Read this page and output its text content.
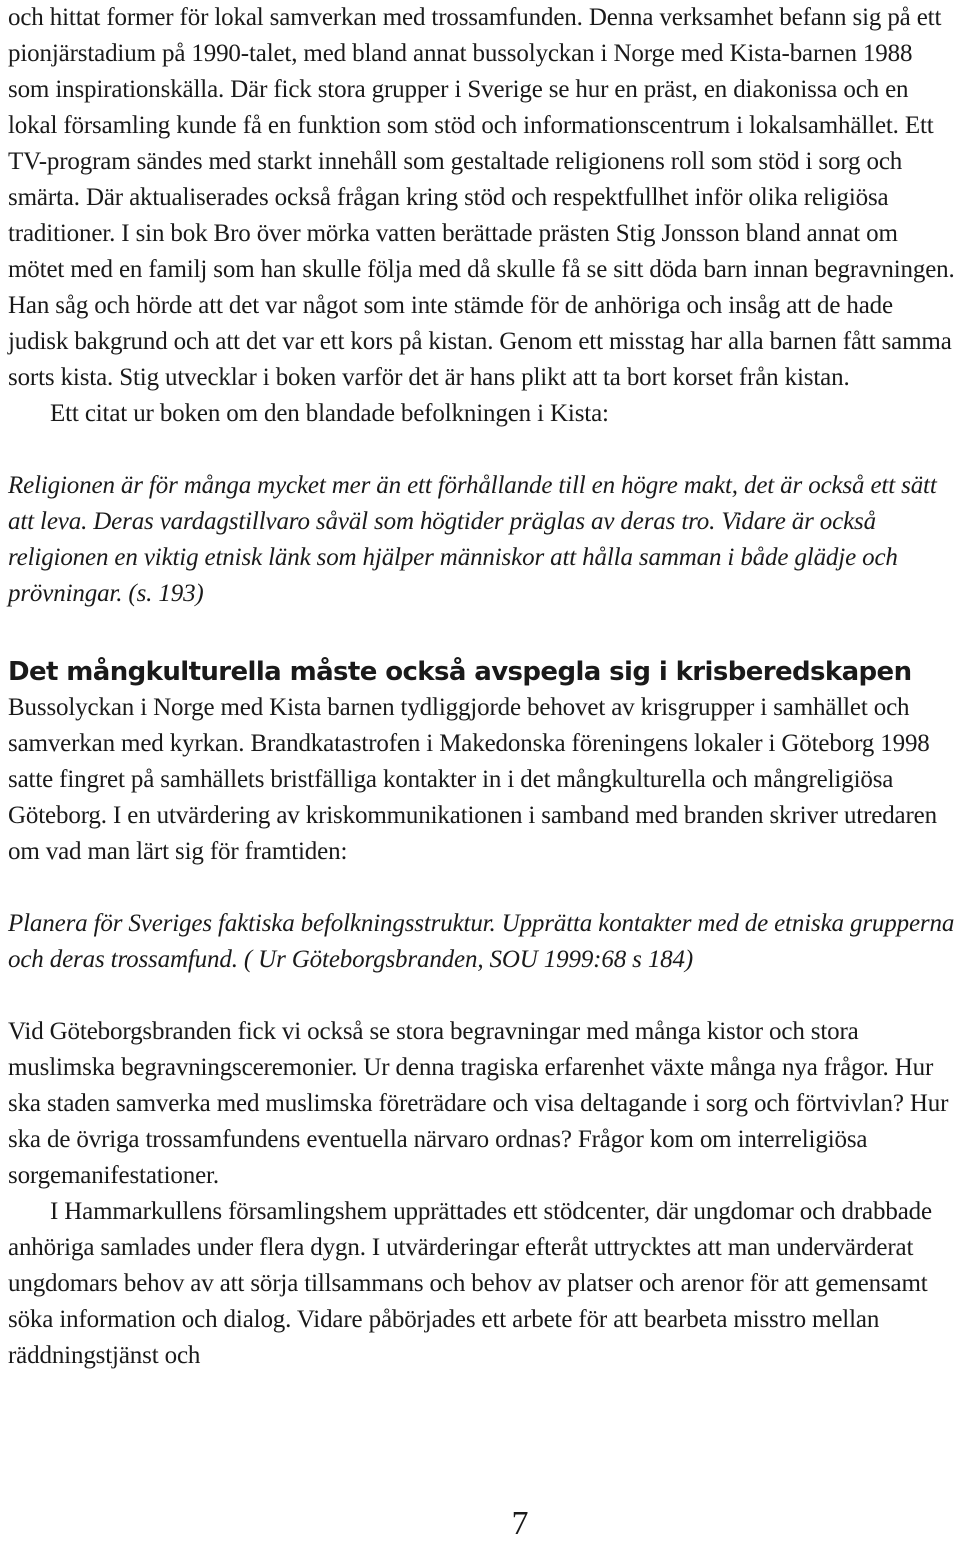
och hittat former för lokal samverkan med trossamfunden. Denna verksamhet befann sig på ett pionjärstadium på 1990-talet, med bland annat bussolyckan i Norge med Kista-barnen 1988 som inspirationskälla. Där fick stora grupper i Sverige se hur en präst, en diakonissa och en lokal församling kunde få en funktion som stöd och informationscentrum i lokalsamhället. Ett TV-program sändes med starkt innehåll som gestaltade religionens roll som stöd i sorg och smärta. Där aktualiserades också frågan kring stöd och respektfullhet inför olika religiösa traditioner. I sin bok Bro över mörka vatten berättade prästen Stig Jonsson bland annat om mötet med en familj som han skulle följa med då skulle få se sitt döda barn innan begravningen. Han såg och hörde att det var något som inte stämde för de anhöriga och insåg att de hade judisk bakgrund och att det var ett kors på kistan. Genom ett misstag har alla barnen fått samma sorts kista. Stig utvecklar i boken varför det är hans plikt att ta bort korset från kistan.

Ett citat ur boken om den blandade befolkningen i Kista:

Religionen är för många mycket mer än ett förhållande till en högre makt, det är också ett sätt att leva. Deras vardagstillvaro såväl som högtider präglas av deras tro. Vidare är också religionen en viktig etnisk länk som hjälper människor att hålla samman i både glädje och prövningar. (s. 193)

Det mångkulturella måste också avspegla sig i krisberedskapen

Bussolyckan i Norge med Kista barnen tydliggjorde behovet av krisgrupper i samhället och samverkan med kyrkan. Brandkatastrofen i Makedonska föreningens lokaler i Göteborg 1998 satte fingret på samhällets bristfälliga kontakter in i det mångkulturella och mångreligiösa Göteborg. I en utvärdering av kriskommunikationen i samband med branden skriver utredaren om vad man lärt sig för framtiden:

Planera för Sveriges faktiska befolkningsstruktur. Upprätta kontakter med de etniska grupperna och deras trossamfund. ( Ur Göteborgsbranden, SOU 1999:68 s 184)

Vid Göteborgsbranden fick vi också se stora begravningar med många kistor och stora muslimska begravningsceremonier. Ur denna tragiska erfarenhet växte många nya frågor. Hur ska staden samverka med muslimska företrädare och visa deltagande i sorg och förtvivlan? Hur ska de övriga trossamfundens eventuella närvaro ordnas? Frågor kom om interreligiösa sorgemanifestationer.

I Hammarkullens församlingshem upprättades ett stödcenter, där ungdomar och drabbade anhöriga samlades under flera dygn. I utvärderingar efteråt uttrycktes att man undervärderat ungdomars behov av att sörja tillsammans och behov av platser och arenor för att gemensamt söka information och dialog. Vidare påbörjades ett arbete för att bearbeta misstro mellan räddningstjänst och

7
